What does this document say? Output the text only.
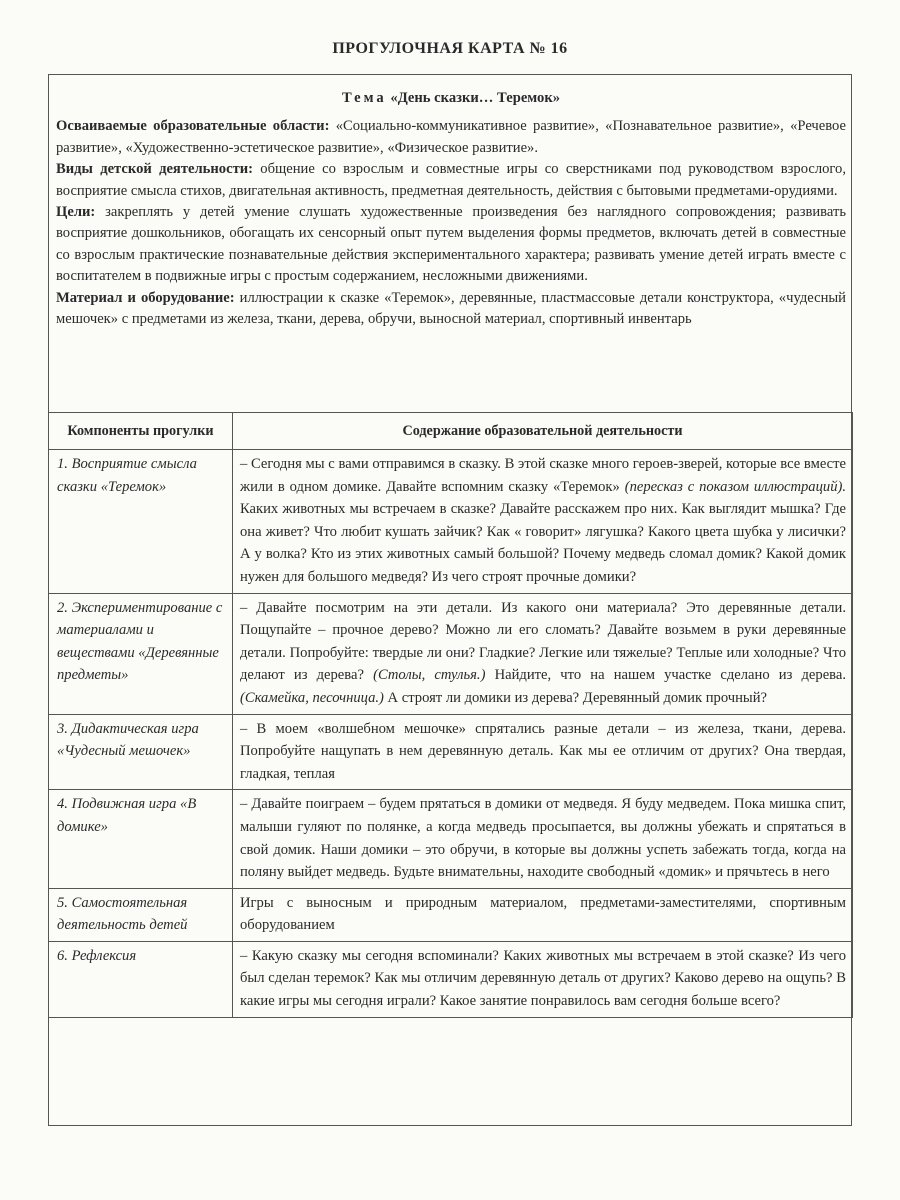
ПРОГУЛОЧНАЯ КАРТА № 16
Тема «День сказки… Теремок»

Осваиваемые образовательные области: «Социально-коммуникативное развитие», «Познавательное развитие», «Речевое развитие», «Художественно-эстетическое развитие», «Физическое развитие».

Виды детской деятельности: общение со взрослым и совместные игры со сверстниками под руководством взрослого, восприятие смысла стихов, двигательная активность, предметная деятельность, действия с бытовыми предметами-орудиями.

Цели: закреплять у детей умение слушать художественные произведения без наглядного сопровождения; развивать восприятие дошкольников, обогащать их сенсорный опыт путем выделения формы предметов, включать детей в совместные со взрослым практические познавательные действия экспериментального характера; развивать умение детей играть вместе с воспитателем в подвижные игры с простым содержанием, несложными движениями.

Материал и оборудование: иллюстрации к сказке «Теремок», деревянные, пластмассовые детали конструктора, «чудесный мешочек» с предметами из железа, ткани, дерева, обручи, выносной материал, спортивный инвентарь

Компоненты прогулки	Содержание образовательной деятельности
1. Восприятие смысла сказки «Теремок»	– Сегодня мы с вами отправимся в сказку. В этой сказке много героев-зверей, которые все вместе жили в одном домике. Давайте вспомним сказку «Теремок» (пересказ с показом иллюстраций). Каких животных мы встречаем в сказке? Давайте расскажем про них. Как выглядит мышка? Где она живет? Что любит кушать зайчик? Как « говорит» лягушка? Какого цвета шубка у лисички? А у волка? Кто из этих животных самый большой? Почему медведь сломал домик? Какой домик нужен для большого медведя? Из чего строят прочные домики?
2. Экспериментирование с материалами и веществами «Деревянные предметы»	– Давайте посмотрим на эти детали. Из какого они материала? Это деревянные детали. Пощупайте – прочное дерево? Можно ли его сломать? Давайте возьмем в руки деревянные детали. Попробуйте: твердые ли они? Гладкие? Легкие или тяжелые? Теплые или холодные? Что делают из дерева? (Столы, стулья.) Найдите, что на нашем участке сделано из дерева. (Скамейка, песочница.) А строят ли домики из дерева? Деревянный домик прочный?
3. Дидактическая игра «Чудесный мешочек»	– В моем «волшебном мешочке» спрятались разные детали – из железа, ткани, дерева. Попробуйте нащупать в нем деревянную деталь. Как мы ее отличим от других? Она твердая, гладкая, теплая
4. Подвижная игра «В домике»	– Давайте поиграем – будем прятаться в домики от медведя. Я буду медведем. Пока мишка спит, малыши гуляют по полянке, а когда медведь просыпается, вы должны убежать и спрятаться в свой домик. Наши домики – это обручи, в которые вы должны успеть забежать тогда, когда на поляну выйдет медведь. Будьте внимательны, находите свободный «домик» и прячьтесь в него
5. Самостоятельная деятельность детей	Игры с выносным и природным материалом, предметами-заместителями, спортивным оборудованием
6. Рефлексия	– Какую сказку мы сегодня вспоминали? Каких животных мы встречаем в этой сказке? Из чего был сделан теремок? Как мы отличим деревянную деталь от других? Каково дерево на ощупь? В какие игры мы сегодня играли? Какое занятие понравилось вам сегодня больше всего?
